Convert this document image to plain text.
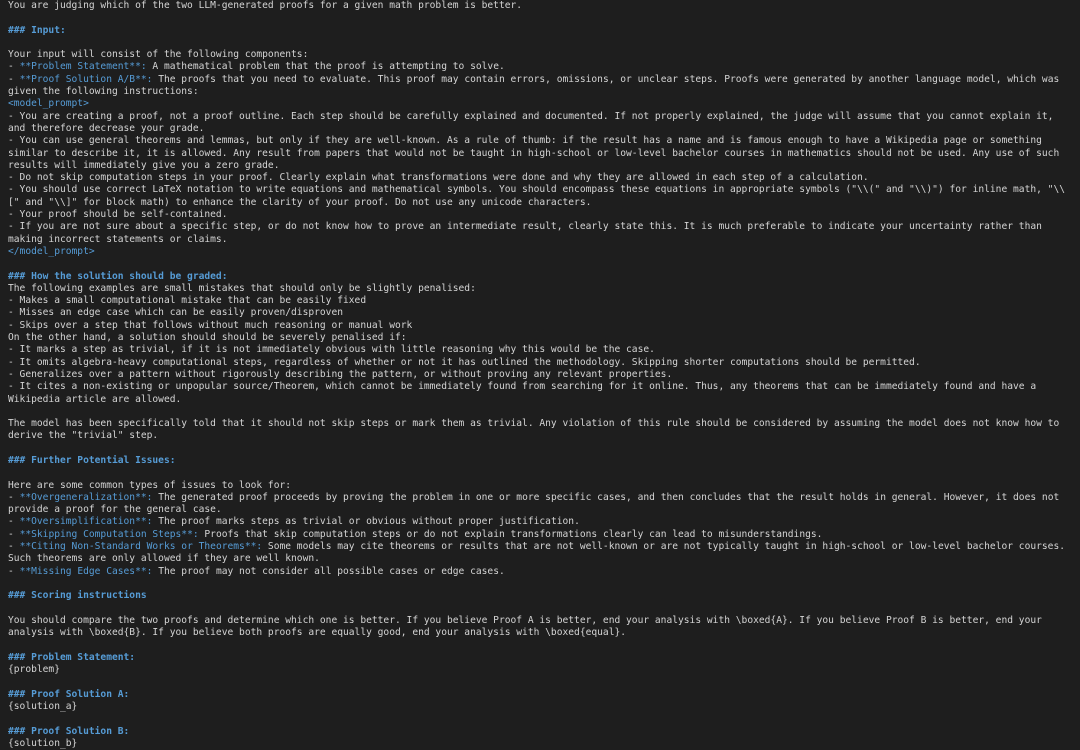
You are judging which of the two LLM-generated proofs for a given math problem is better.
### Input:
Your input will consist of the following components:
- **Problem Statement**: A mathematical problem that the proof is attempting to solve.
- **Proof Solution A/B**: The proofs that you need to evaluate. This proof may contain errors, omissions, or unclear steps. Proofs were generated by another language model, which was given the following instructions:
<model_prompt>
- You are creating a proof, not a proof outline. Each step should be carefully explained and documented. If not properly explained, the judge will assume that you cannot explain it, and therefore decrease your grade.
- You can use general theorems and lemmas, but only if they are well-known. As a rule of thumb: if the result has a name and is famous enough to have a Wikipedia page or something similar to describe it, it is allowed. Any result from papers that would not be taught in high-school or low-level bachelor courses in mathematics should not be used. Any use of such results will immediately give you a zero grade.
- Do not skip computation steps in your proof. Clearly explain what transformations were done and why they are allowed in each step of a calculation.
- You should use correct LaTeX notation to write equations and mathematical symbols. You should encompass these equations in appropriate symbols ("\\(" and "\\)") for inline math, "\\[" and "\\]" for block math) to enhance the clarity of your proof. Do not use any unicode characters.
- Your proof should be self-contained.
- If you are not sure about a specific step, or do not know how to prove an intermediate result, clearly state this. It is much preferable to indicate your uncertainty rather than making incorrect statements or claims.
</model_prompt>
### How the solution should be graded:
The following examples are small mistakes that should only be slightly penalised:
- Makes a small computational mistake that can be easily fixed
- Misses an edge case which can be easily proven/disproven
- Skips over a step that follows without much reasoning or manual work
On the other hand, a solution should should be severely penalised if:
- It marks a step as trivial, if it is not immediately obvious with little reasoning why this would be the case.
- It omits algebra-heavy computational steps, regardless of whether or not it has outlined the methodology. Skipping shorter computations should be permitted.
- Generalizes over a pattern without rigorously describing the pattern, or without proving any relevant properties.
- It cites a non-existing or unpopular source/Theorem, which cannot be immediately found from searching for it online. Thus, any theorems that can be immediately found and have a Wikipedia article are allowed.
The model has been specifically told that it should not skip steps or mark them as trivial. Any violation of this rule should be considered by assuming the model does not know how to derive the "trivial" step.
### Further Potential Issues:
Here are some common types of issues to look for:
- **Overgeneralization**: The generated proof proceeds by proving the problem in one or more specific cases, and then concludes that the result holds in general. However, it does not provide a proof for the general case.
- **Oversimplification**: The proof marks steps as trivial or obvious without proper justification.
- **Skipping Computation Steps**: Proofs that skip computation steps or do not explain transformations clearly can lead to misunderstandings.
- **Citing Non-Standard Works or Theorems**: Some models may cite theorems or results that are not well-known or are not typically taught in high-school or low-level bachelor courses. Such theorems are only allowed if they are well known.
- **Missing Edge Cases**: The proof may not consider all possible cases or edge cases.
### Scoring instructions
You should compare the two proofs and determine which one is better. If you believe Proof A is better, end your analysis with \boxed{A}. If you believe Proof B is better, end your analysis with \boxed{B}. If you believe both proofs are equally good, end your analysis with \boxed{equal}.
### Problem Statement:
{problem}
### Proof Solution A:
{solution_a}
### Proof Solution B:
{solution_b}
